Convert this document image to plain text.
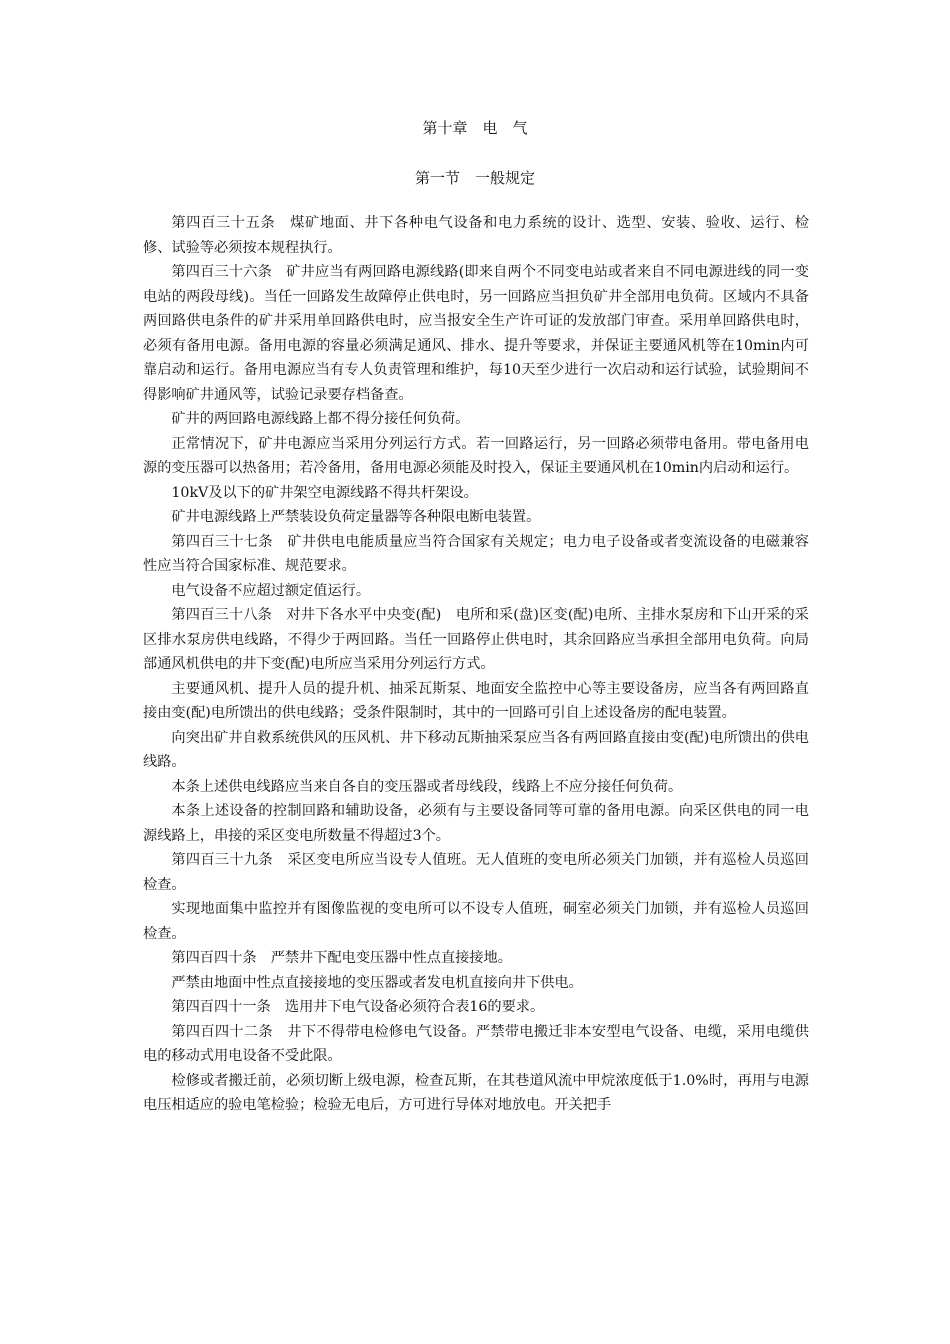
第十章　电　气
第一节　一般规定

第四百三十五条　煤矿地面、井下各种电气设备和电力系统的设计、选型、安装、验收、运行、检修、试验等必须按本规程执行。

第四百三十六条　矿井应当有两回路电源线路(即来自两个不同变电站或者来自不同电源进线的同一变电站的两段母线)。当任一回路发生故障停止供电时，另一回路应当担负矿井全部用电负荷。区域内不具备两回路供电条件的矿井采用单回路供电时，应当报安全生产许可证的发放部门审查。采用单回路供电时，必须有备用电源。备用电源的容量必须满足通风、排水、提升等要求，并保证主要通风机等在10min内可靠启动和运行。备用电源应当有专人负责管理和维护，每10天至少进行一次启动和运行试验，试验期间不得影响矿井通风等，试验记录要存档备查。

矿井的两回路电源线路上都不得分接任何负荷。

正常情况下，矿井电源应当采用分列运行方式。若一回路运行，另一回路必须带电备用。带电备用电源的变压器可以热备用；若冷备用，备用电源必须能及时投入，保证主要通风机在10min内启动和运行。

10kV及以下的矿井架空电源线路不得共杆架设。

矿井电源线路上严禁装设负荷定量器等各种限电断电装置。

第四百三十七条　矿井供电电能质量应当符合国家有关规定；电力电子设备或者变流设备的电磁兼容性应当符合国家标准、规范要求。

电气设备不应超过额定值运行。

第四百三十八条　对井下各水平中央变(配)　电所和采(盘)区变(配)电所、主排水泵房和下山开采的采区排水泵房供电线路，不得少于两回路。当任一回路停止供电时，其余回路应当承担全部用电负荷。向局部通风机供电的井下变(配)电所应当采用分列运行方式。

主要通风机、提升人员的提升机、抽采瓦斯泵、地面安全监控中心等主要设备房，应当各有两回路直接由变(配)电所馈出的供电线路；受条件限制时，其中的一回路可引自上述设备房的配电装置。

向突出矿井自救系统供风的压风机、井下移动瓦斯抽采泵应当各有两回路直接由变(配)电所馈出的供电线路。

本条上述供电线路应当来自各自的变压器或者母线段，线路上不应分接任何负荷。

本条上述设备的控制回路和辅助设备，必须有与主要设备同等可靠的备用电源。向采区供电的同一电源线路上，串接的采区变电所数量不得超过3个。

第四百三十九条　采区变电所应当设专人值班。无人值班的变电所必须关门加锁，并有巡检人员巡回检查。

实现地面集中监控并有图像监视的变电所可以不设专人值班，硐室必须关门加锁，并有巡检人员巡回检查。

第四百四十条　严禁井下配电变压器中性点直接接地。

严禁由地面中性点直接接地的变压器或者发电机直接向井下供电。

第四百四十一条　选用井下电气设备必须符合表16的要求。

第四百四十二条　井下不得带电检修电气设备。严禁带电搬迁非本安型电气设备、电缆，采用电缆供电的移动式用电设备不受此限。

检修或者搬迁前，必须切断上级电源，检查瓦斯，在其巷道风流中甲烷浓度低于1.0%时，再用与电源电压相适应的验电笔检验；检验无电后，方可进行导体对地放电。开关把手
